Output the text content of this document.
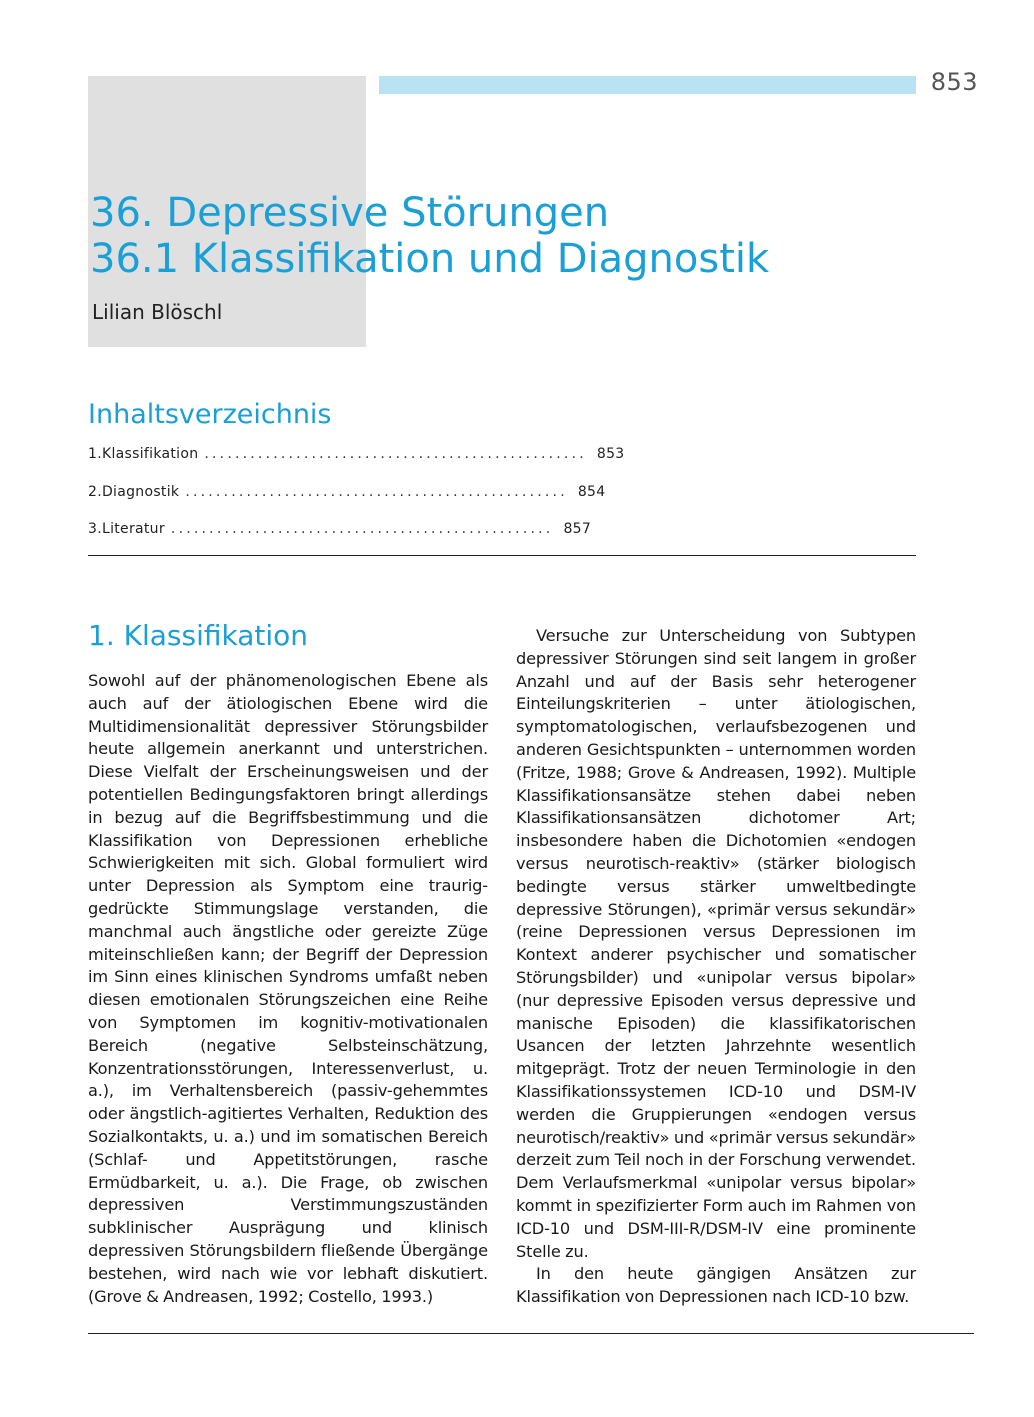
853
36. Depressive Störungen
36.1 Klassifikation und Diagnostik
Lilian Blöschl
Inhaltsverzeichnis
1. Klassifikation .................................................. 853
2. Diagnostik .................................................. 854
3. Literatur .................................................. 857
1. Klassifikation

Sowohl auf der phänomenologischen Ebene als auch auf der ätiologischen Ebene wird die Multidimensionalität depressiver Störungsbilder heute allgemein anerkannt und unterstrichen. Diese Vielfalt der Erscheinungsweisen und der potentiellen Bedingungsfaktoren bringt allerdings in bezug auf die Begriffsbestimmung und die Klassifikation von Depressionen erhebliche Schwierigkeiten mit sich. Global formuliert wird unter Depression als Symptom eine traurig-gedrückte Stimmungslage verstanden, die manchmal auch ängstliche oder gereizte Züge miteinschließen kann; der Begriff der Depression im Sinn eines klinischen Syndroms umfaßt neben diesen emotionalen Störungszeichen eine Reihe von Symptomen im kognitiv-motivationalen Bereich (negative Selbsteinschätzung, Konzentrationsstörungen, Interessenverlust, u. a.), im Verhaltensbereich (passiv-gehemmtes oder ängstlich-agitiertes Verhalten, Reduktion des Sozialkontakts, u. a.) und im somatischen Bereich (Schlaf- und Appetitstörungen, rasche Ermüdbarkeit, u. a.). Die Frage, ob zwischen depressiven Verstimmungszuständen subklinischer Ausprägung und klinisch depressiven Störungsbildern fließende Übergänge bestehen, wird nach wie vor lebhaft diskutiert. (Grove & Andreasen, 1992; Costello, 1993.)

Versuche zur Unterscheidung von Subtypen depressiver Störungen sind seit langem in großer Anzahl und auf der Basis sehr heterogener Einteilungskriterien – unter ätiologischen, symptomatologischen, verlaufsbezogenen und anderen Gesichtspunkten – unternommen worden (Fritze, 1988; Grove & Andreasen, 1992). Multiple Klassifikationsansätze stehen dabei neben Klassifikationsansätzen dichotomer Art; insbesondere haben die Dichotomien «endogen versus neurotisch-reaktiv» (stärker biologisch bedingte versus stärker umweltbedingte depressive Störungen), «primär versus sekundär» (reine Depressionen versus Depressionen im Kontext anderer psychischer und somatischer Störungsbilder) und «unipolar versus bipolar» (nur depressive Episoden versus depressive und manische Episoden) die klassifikatorischen Usancen der letzten Jahrzehnte wesentlich mitgeprägt. Trotz der neuen Terminologie in den Klassifikationssystemen ICD-10 und DSM-IV werden die Gruppierungen «endogen versus neurotisch/reaktiv» und «primär versus sekundär» derzeit zum Teil noch in der Forschung verwendet. Dem Verlaufsmerkmal «unipolar versus bipolar» kommt in spezifizierter Form auch im Rahmen von ICD-10 und DSM-III-R/DSM-IV eine prominente Stelle zu.

In den heute gängigen Ansätzen zur Klassifikation von Depressionen nach ICD-10 bzw.
